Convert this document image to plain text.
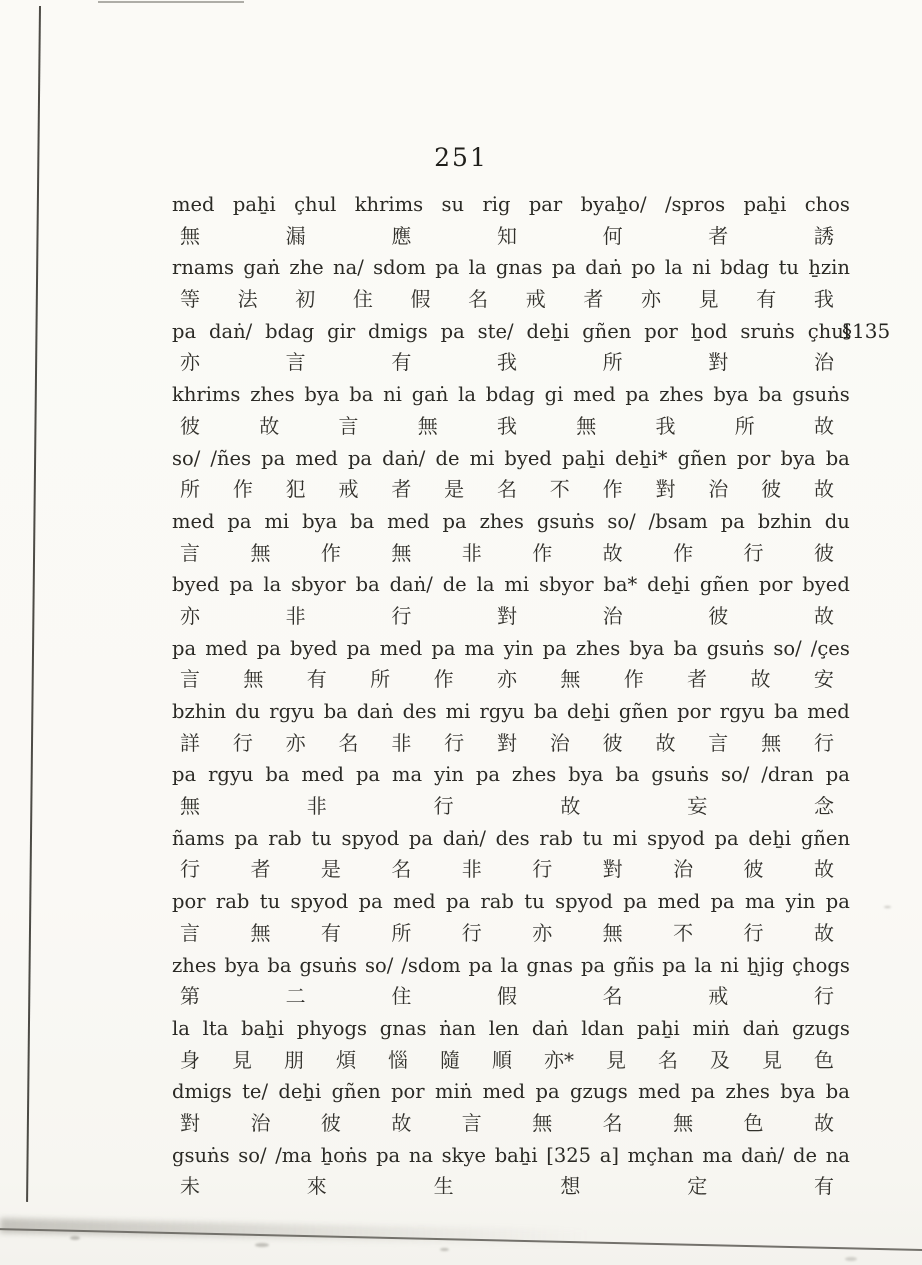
251
med paẖi çhul khrims su rig par byaẖo/ /spros paẖi chos
無	漏	應	知	何	者	誘
rnams gaṅ zhe na/ sdom pa la gnas pa daṅ po la ni bdag tu ẖzin
等 法 初 住 假 名 戒 者 亦 見 有 我
pa daṅ/ bdag gir dmigs pa ste/ deẖi gñen por ẖod sruṅs çhul
§135
亦	言	有	我	所	對	治
khrims zhes bya ba ni gaṅ la bdag gi med pa zhes bya ba gsuṅs
彼	故	言	無	我	無	我	所	故
so/ /ñes pa med pa daṅ/ de mi byed paẖi deẖi* gñen por bya ba
所 作 犯 戒 者 是 名 不 作 對 治 彼 故
med pa mi bya ba med pa zhes gsuṅs so/ /bsam pa bzhin du
言	無	作	無	非	作	故	作	行	彼
byed pa la sbyor ba daṅ/ de la mi sbyor ba* deẖi gñen por byed
亦	非	行	對	治	彼	故
pa med pa byed pa med pa ma yin pa zhes bya ba gsuṅs so/ /çes
言 無 有 所 作 亦 無 作 者 故 安
bzhin du rgyu ba daṅ des mi rgyu ba deẖi gñen por rgyu ba med
詳 行 亦 名 非 行 對 治 彼 故 言 無 行
pa rgyu ba med pa ma yin pa zhes bya ba gsuṅs so/ /dran pa
無	非	行	故	妄	念
ñams pa rab tu spyod pa daṅ/ des rab tu mi spyod pa deẖi gñen
行	者	是	名	非	行	對	治	彼	故
por rab tu spyod pa med pa rab tu spyod pa med pa ma yin pa
言	無	有	所	行	亦	無	不	行	故
zhes bya ba gsuṅs so/ /sdom pa la gnas pa gñis pa la ni ẖjig çhogs
第	二	住	假	名	戒	行
la lta baẖi phyogs gnas ṅan len daṅ ldan paẖi miṅ daṅ gzugs
身 見 朋 煩 惱 隨 順 亦* 見 名 及 見 色
dmigs te/ deẖi gñen por miṅ med pa gzugs med pa zhes bya ba
對	治	彼	故	言	無	名	無	色	故
gsuṅs so/ /ma ẖoṅs pa na skye baẖi [325 a] mçhan ma daṅ/ de na
未	來	生	想	定	有
